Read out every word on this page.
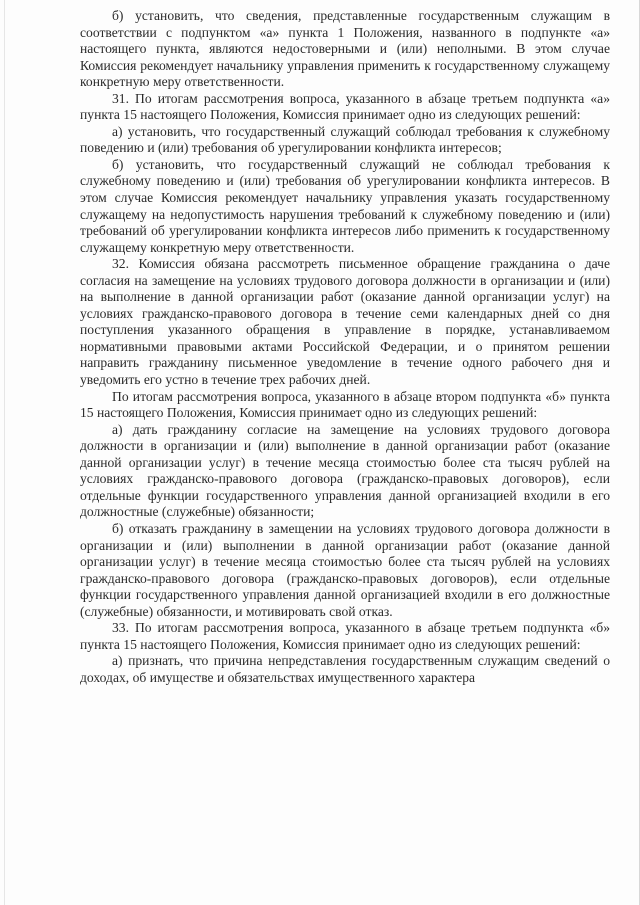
б) установить, что сведения, представленные государственным служащим в соответствии с подпунктом «а» пункта 1 Положения, названного в подпункте «а» настоящего пункта, являются недостоверными и (или) неполными. В этом случае Комиссия рекомендует начальнику управления применить к государственному служащему конкретную меру ответственности.

31. По итогам рассмотрения вопроса, указанного в абзаце третьем подпункта «а» пункта 15 настоящего Положения, Комиссия принимает одно из следующих решений:

а) установить, что государственный служащий соблюдал требования к служебному поведению и (или) требования об урегулировании конфликта интересов;

б) установить, что государственный служащий не соблюдал требования к служебному поведению и (или) требования об урегулировании конфликта интересов. В этом случае Комиссия рекомендует начальнику управления указать государственному служащему на недопустимость нарушения требований к служебному поведению и (или) требований об урегулировании конфликта интересов либо применить к государственному служащему конкретную меру ответственности.

32. Комиссия обязана рассмотреть письменное обращение гражданина о даче согласия на замещение на условиях трудового договора должности в организации и (или) на выполнение в данной организации работ (оказание данной организации услуг) на условиях гражданско-правового договора в течение семи календарных дней со дня поступления указанного обращения в управление в порядке, устанавливаемом нормативными правовыми актами Российской Федерации, и о принятом решении направить гражданину письменное уведомление в течение одного рабочего дня и уведомить его устно в течение трех рабочих дней.

По итогам рассмотрения вопроса, указанного в абзаце втором подпункта «б» пункта 15 настоящего Положения, Комиссия принимает одно из следующих решений:

а) дать гражданину согласие на замещение на условиях трудового договора должности в организации и (или) выполнение в данной организации работ (оказание данной организации услуг) в течение месяца стоимостью более ста тысяч рублей на условиях гражданско-правового договора (гражданско-правовых договоров), если отдельные функции государственного управления данной организацией входили в его должностные (служебные) обязанности;

б) отказать гражданину в замещении на условиях трудового договора должности в организации и (или) выполнении в данной организации работ (оказание данной организации услуг) в течение месяца стоимостью более ста тысяч рублей на условиях гражданско-правового договора (гражданско-правовых договоров), если отдельные функции государственного управления данной организацией входили в его должностные (служебные) обязанности, и мотивировать свой отказ.

33. По итогам рассмотрения вопроса, указанного в абзаце третьем подпункта «б» пункта 15 настоящего Положения, Комиссия принимает одно из следующих решений:

а) признать, что причина непредставления государственным служащим сведений о доходах, об имуществе и обязательствах имущественного характера
